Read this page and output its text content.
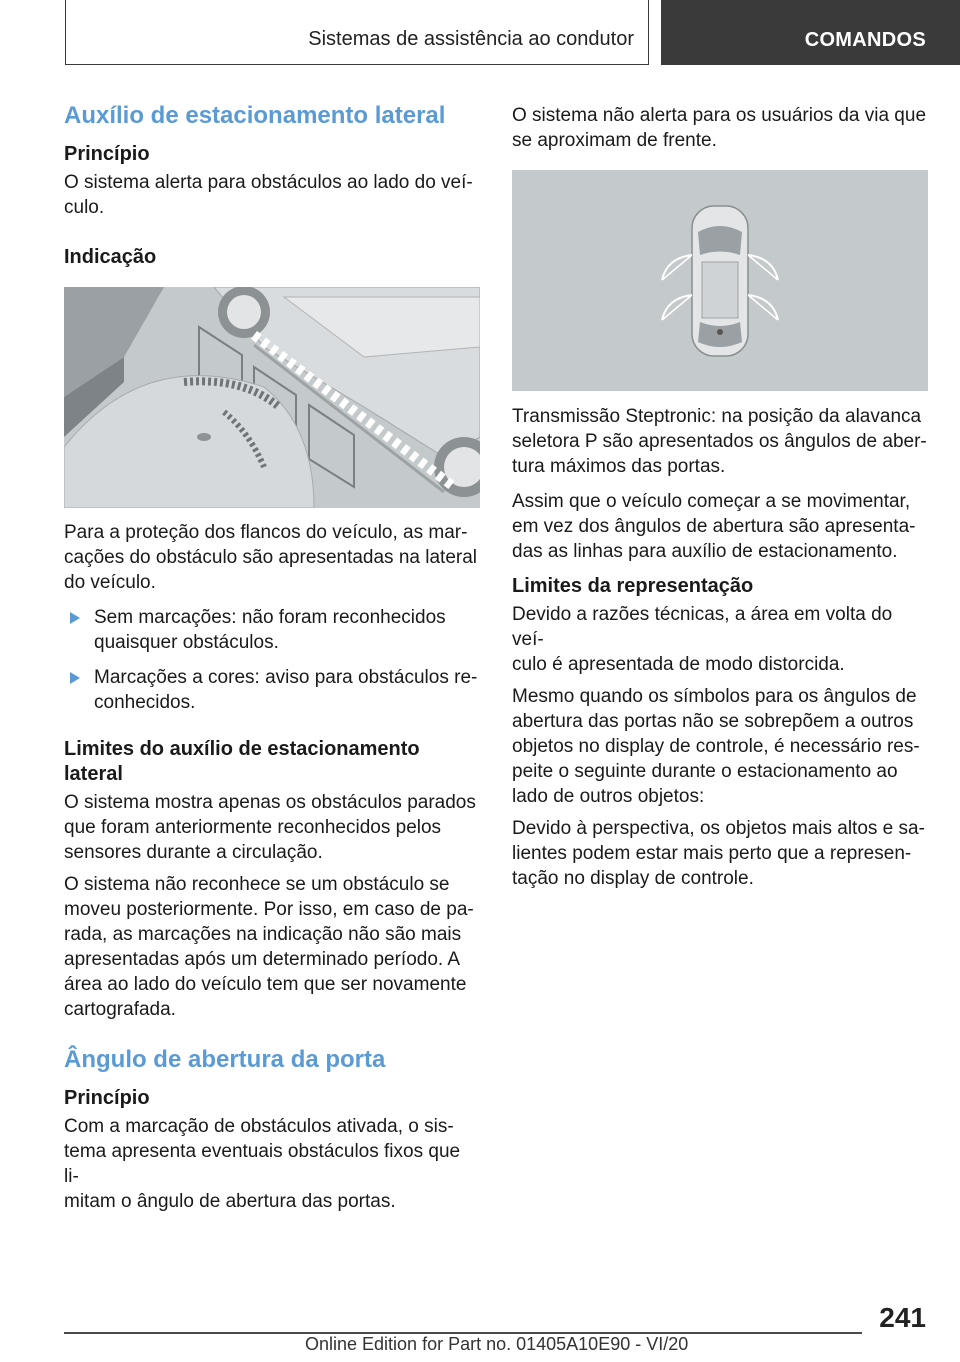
Sistemas de assistência ao condutor	COMANDOS
Auxílio de estacionamento lateral
Princípio

O sistema alerta para obstáculos ao lado do veí-
culo.

Indicação

Para a proteção dos flancos do veículo, as mar-
cações do obstáculo são apresentadas na lateral
do veículo.

Sem marcações: não foram reconhecidos
quaisquer obstáculos.
Marcações a cores: aviso para obstáculos re-
conhecidos.
Limites do auxílio de estacionamento
lateral

O sistema mostra apenas os obstáculos parados
que foram anteriormente reconhecidos pelos
sensores durante a circulação.

O sistema não reconhece se um obstáculo se
moveu posteriormente. Por isso, em caso de pa-
rada, as marcações na indicação não são mais
apresentadas após um determinado período. A
área ao lado do veículo tem que ser novamente
cartografada.

Ângulo de abertura da porta
Princípio

Com a marcação de obstáculos ativada, o sis-
tema apresenta eventuais obstáculos fixos que li-
mitam o ângulo de abertura das portas.

O sistema não alerta para os usuários da via que
se aproximam de frente.

Transmissão Steptronic: na posição da alavanca
seletora P são apresentados os ângulos de aber-
tura máximos das portas.

Assim que o veículo começar a se movimentar,
em vez dos ângulos de abertura são apresenta-
das as linhas para auxílio de estacionamento.

Limites da representação

Devido a razões técnicas, a área em volta do veí-
culo é apresentada de modo distorcida.

Mesmo quando os símbolos para os ângulos de
abertura das portas não se sobrepõem a outros
objetos no display de controle, é necessário res-
peite o seguinte durante o estacionamento ao
lado de outros objetos:

Devido à perspectiva, os objetos mais altos e sa-
lientes podem estar mais perto que a represen-
tação no display de controle.

241
Online Edition for Part no. 01405A10E90 - VI/20
